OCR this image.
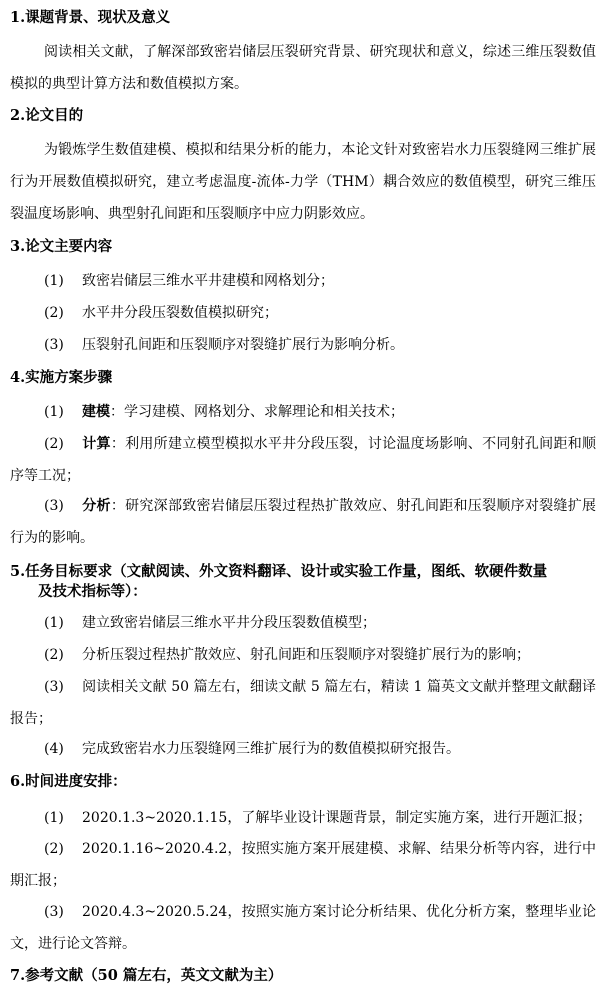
1.课题背景、现状及意义
阅读相关文献，了解深部致密岩储层压裂研究背景、研究现状和意义，综述三维压裂数值模拟的典型计算方法和数值模拟方案。
2.论文目的
为锻炼学生数值建模、模拟和结果分析的能力，本论文针对致密岩水力压裂缝网三维扩展行为开展数值模拟研究，建立考虑温度-流体-力学（THM）耦合效应的数值模型，研究三维压裂温度场影响、典型射孔间距和压裂顺序中应力阴影效应。
3.论文主要内容
(1) 致密岩储层三维水平井建模和网格划分；
(2) 水平井分段压裂数值模拟研究；
(3) 压裂射孔间距和压裂顺序对裂缝扩展行为影响分析。
4.实施方案步骤
(1) 建模：学习建模、网格划分、求解理论和相关技术；
(2) 计算：利用所建立模型模拟水平井分段压裂，讨论温度场影响、不同射孔间距和顺序等工况；
(3) 分析：研究深部致密岩储层压裂过程热扩散效应、射孔间距和压裂顺序对裂缝扩展行为的影响。
5.任务目标要求（文献阅读、外文资料翻译、设计或实验工作量，图纸、软硬件数量
及技术指标等）：
(1) 建立致密岩储层三维水平井分段压裂数值模型；
(2) 分析压裂过程热扩散效应、射孔间距和压裂顺序对裂缝扩展行为的影响；
(3) 阅读相关文献 50 篇左右，细读文献 5 篇左右，精读 1 篇英文文献并整理文献翻译报告；
(4) 完成致密岩水力压裂缝网三维扩展行为的数值模拟研究报告。
6.时间进度安排：
(1) 2020.1.3~2020.1.15，了解毕业设计课题背景，制定实施方案，进行开题汇报；
(2) 2020.1.16~2020.4.2，按照实施方案开展建模、求解、结果分析等内容，进行中期汇报；
(3) 2020.4.3~2020.5.24，按照实施方案讨论分析结果、优化分析方案，整理毕业论文，进行论文答辩。
7.参考文献（50 篇左右，英文文献为主）
